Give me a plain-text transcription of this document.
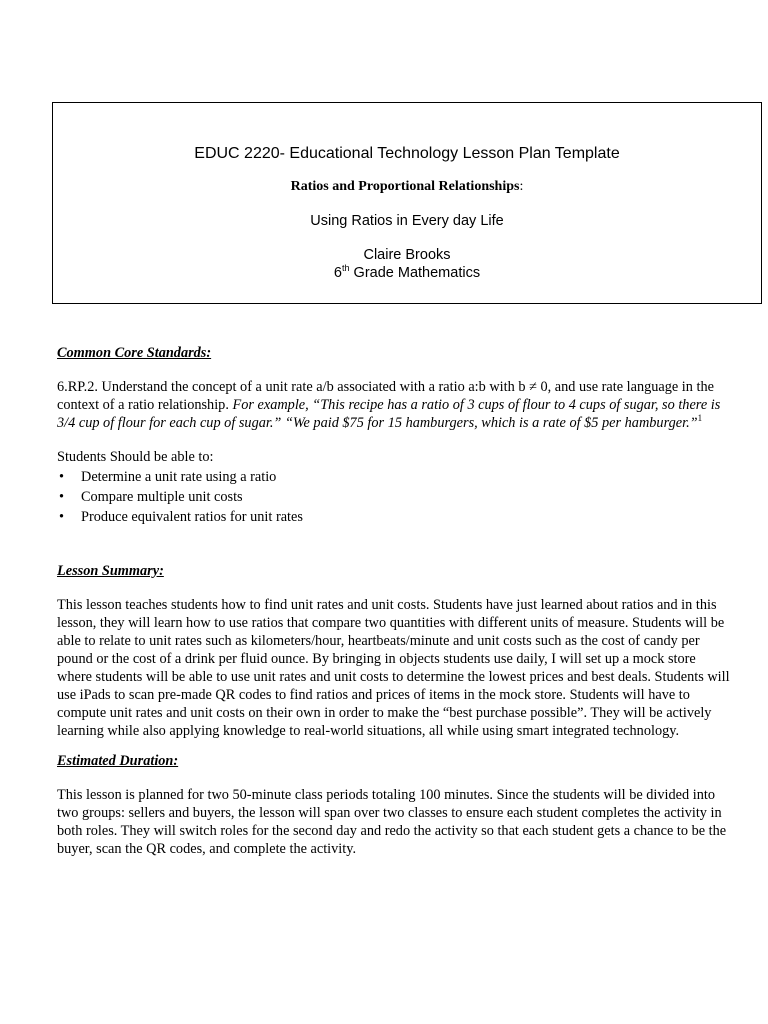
EDUC 2220- Educational Technology Lesson Plan Template
Ratios and Proportional Relationships:
Using Ratios in Every day Life
Claire Brooks
6th Grade Mathematics

Common Core Standards:

6.RP.2. Understand the concept of a unit rate a/b associated with a ratio a:b with b ≠ 0, and use rate language in the context of a ratio relationship. For example, “This recipe has a ratio of 3 cups of flour to 4 cups of sugar, so there is 3/4 cup of flour for each cup of sugar.” “We paid $75 for 15 hamburgers, which is a rate of $5 per hamburger.”$^1$

Students Should be able to:

• Determine a unit rate using a ratio
• Compare multiple unit costs
• Produce equivalent ratios for unit rates

Lesson Summary:

This lesson teaches students how to find unit rates and unit costs. Students have just learned about ratios and in this lesson, they will learn how to use ratios that compare two quantities with different units of measure. Students will be able to relate to unit rates such as kilometers/hour, heartbeats/minute and unit costs such as the cost of candy per pound or the cost of a drink per fluid ounce. By bringing in objects students use daily, I will set up a mock store where students will be able to use unit rates and unit costs to determine the lowest prices and best deals. Students will use iPads to scan pre-made QR codes to find ratios and prices of items in the mock store. Students will have to compute unit rates and unit costs on their own in order to make the “best purchase possible”. They will be actively learning while also applying knowledge to real-world situations, all while using smart integrated technology.

Estimated Duration:

This lesson is planned for two 50-minute class periods totaling 100 minutes. Since the students will be divided into two groups: sellers and buyers, the lesson will span over two classes to ensure each student completes the activity in both roles. They will switch roles for the second day and redo the activity so that each student gets a chance to be the buyer, scan the QR codes, and complete the activity.
